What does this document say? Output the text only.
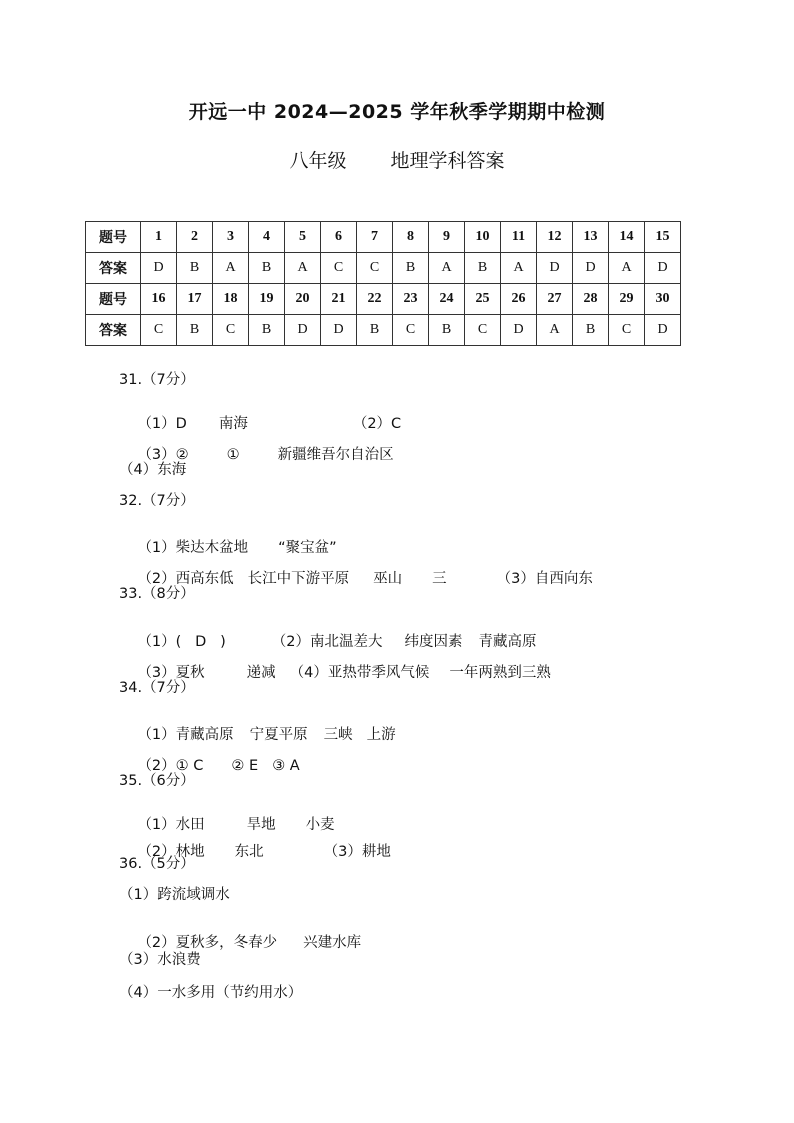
开远一中 2024—2025 学年秋季学期期中检测
八年级 地理学科答案
题号	1	2	3	4	5	6	7	8	9	10	11	12	13	14	15
答案	D	B	A	B	A	C	C	B	A	B	A	D	D	A	D
题号	16	17	18	19	20	21	22	23	24	25	26	27	28	29	30
答案	C	B	C	B	D	D	B	C	B	C	D	A	B	C	D
31.（7分）

（1）D 南海	（2）C

（3）②	①	新疆维吾尔自治区

（4）东海
32.（7分）

（1）柴达木盆地 “聚宝盆”

（2）西高东低 长江中下游平原 巫山 三	（3）自西向东

33.（8分）

（1）(   D   )	（2）南北温差大 纬度因素 青藏高原

（3）夏秋	递减 （4）亚热带季风气候 一年两熟到三熟

34.（7分）

（1）青藏高原 宁夏平原 三峡 上游

（2）① C ② E ③ A

35.（6分）

（1）水田	旱地 小麦

（2）林地 东北	（3）耕地

36.（5分）
（1）跨流域调水

（2）夏秋多，冬春少 兴建水库

（3）水浪费
（4）一水多用（节约用水）
